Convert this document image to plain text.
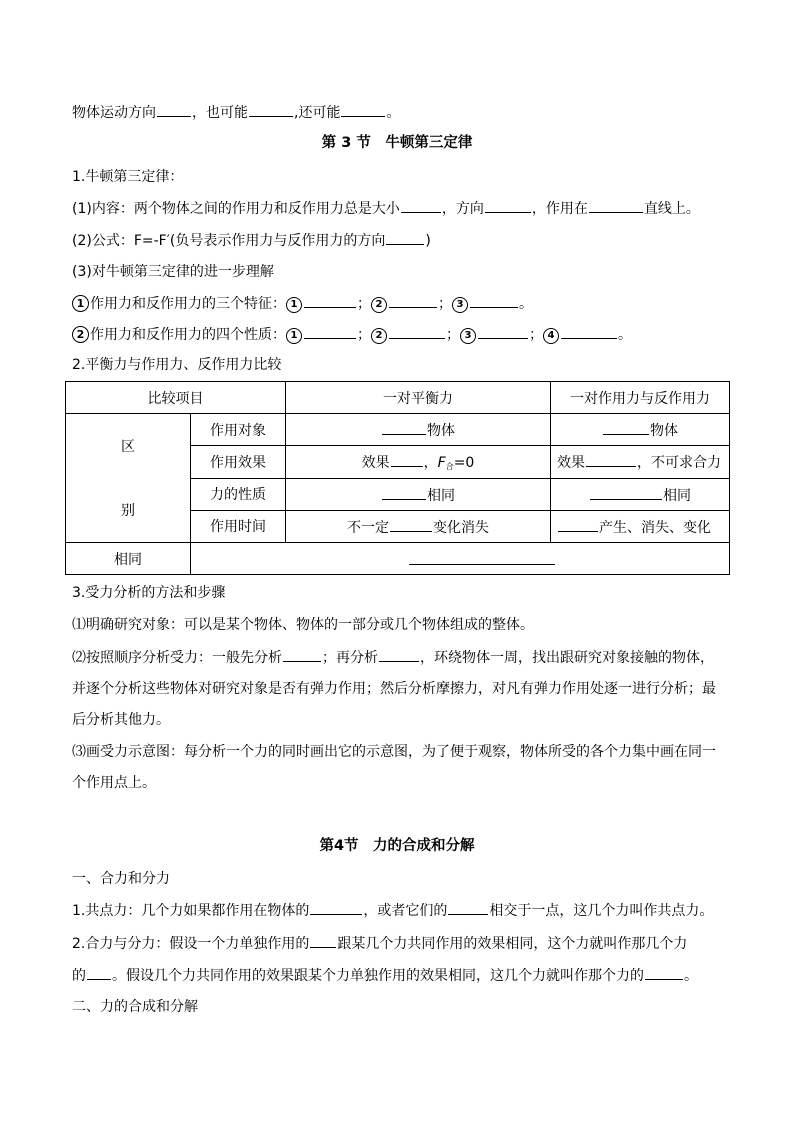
物体运动方向	，也可能	,还可能	。
第 3 节　牛顿第三定律
1.牛顿第三定律：
(1)内容：两个物体之间的作用力和反作用力总是大小	，方向	，作用在	直线上。
(2)公式：F=-F′(负号表示作用力与反作用力的方向	)
(3)对牛顿第三定律的进一步理解
1 作用力和反作用力的三个特征： 1	； 2	； 3	。
2 作用力和反作用力的四个性质： 1	； 2	； 3	； 4	。
2.平衡力与作用力、反作用力比较
比较项目		一对平衡力	一对作用力与反作用力

区
别	作用对象	物体	物体
	作用效果	效果 ，$F_合=0$	效果 ，不可求合力
	力的性质	相同	相同
	作用时间	不一定 变化消失	产生、消失、变化
相同			
3.受力分析的方法和步骤
⑴明确研究对象：可以是某个物体、物体的一部分或几个物体组成的整体。
⑵按照顺序分析受力：一般先分析	；再分析	，环绕物体一周，找出跟研究对象接触的物体，
并逐个分析这些物体对研究对象是否有弹力作用；然后分析摩擦力，对凡有弹力作用处逐一进行分析；最
后分析其他力。
⑶画受力示意图：每分析一个力的同时画出它的示意图，为了便于观察，物体所受的各个力集中画在同一
个作用点上。
第4节　力的合成和分解
一、合力和分力
1.共点力：几个力如果都作用在物体的	，或者它们的	相交于一点，这几个力叫作共点力。
2.合力与分力：假设一个力单独作用的 跟某几个力共同作用的效果相同，这个力就叫作那几个力
的 。假设几个力共同作用的效果跟某个力单独作用的效果相同，这几个力就叫作那个力的	。
二、力的合成和分解
